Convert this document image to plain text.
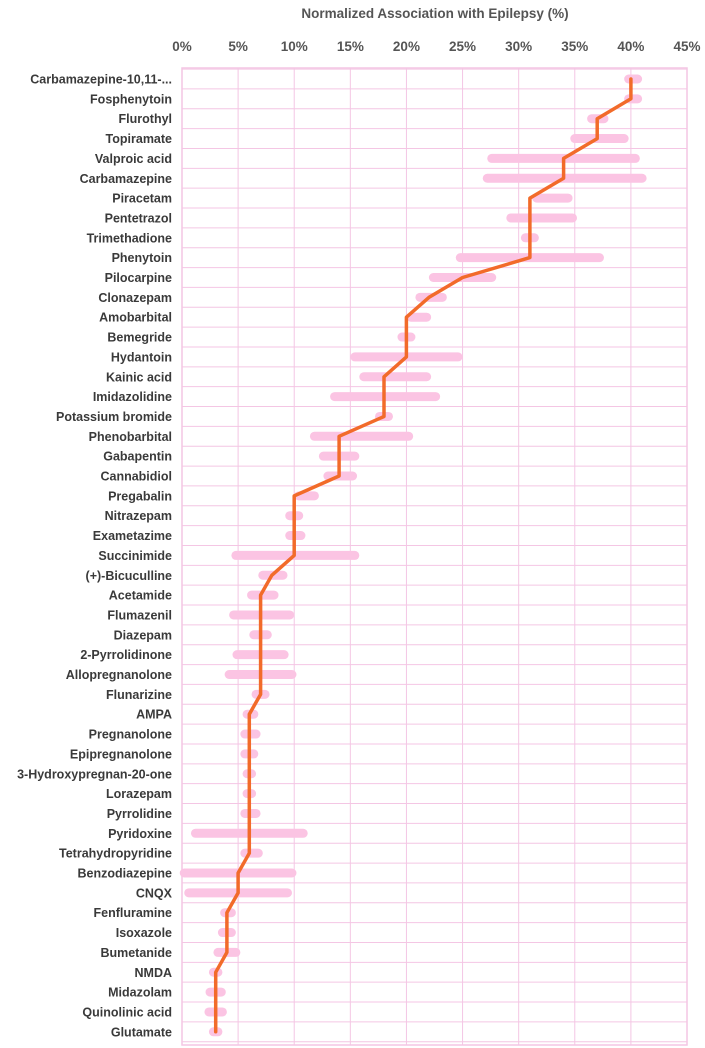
Normalized Association with Epilepsy (%)
0%	5% 10% 15% 20% 25% 30% 35% 40% 45%
Carbamazepine-10,11-...
Fosphenytoin
Flurothyl
Topiramate
Valproic acid
Carbamazepine
Piracetam
Pentetrazol
Trimethadione
Phenytoin
Pilocarpine
Clonazepam
Amobarbital
Bemegride
Hydantoin
Kainic acid
Imidazolidine
Potassium bromide
Phenobarbital
Gabapentin
Cannabidiol
Pregabalin
Nitrazepam
Exametazime
Succinimide
(+)-Bicuculline
Acetamide
Flumazenil
Diazepam
2-Pyrrolidinone
Allopregnanolone
Flunarizine
AMPA
Pregnanolone
Epipregnanolone
3-Hydroxypregnan-20-one
Lorazepam
Pyrrolidine
Pyridoxine
Tetrahydropyridine
Benzodiazepine
CNQX
Fenfluramine
Isoxazole
Bumetanide
NMDA
Midazolam
Quinolinic acid
Glutamate
